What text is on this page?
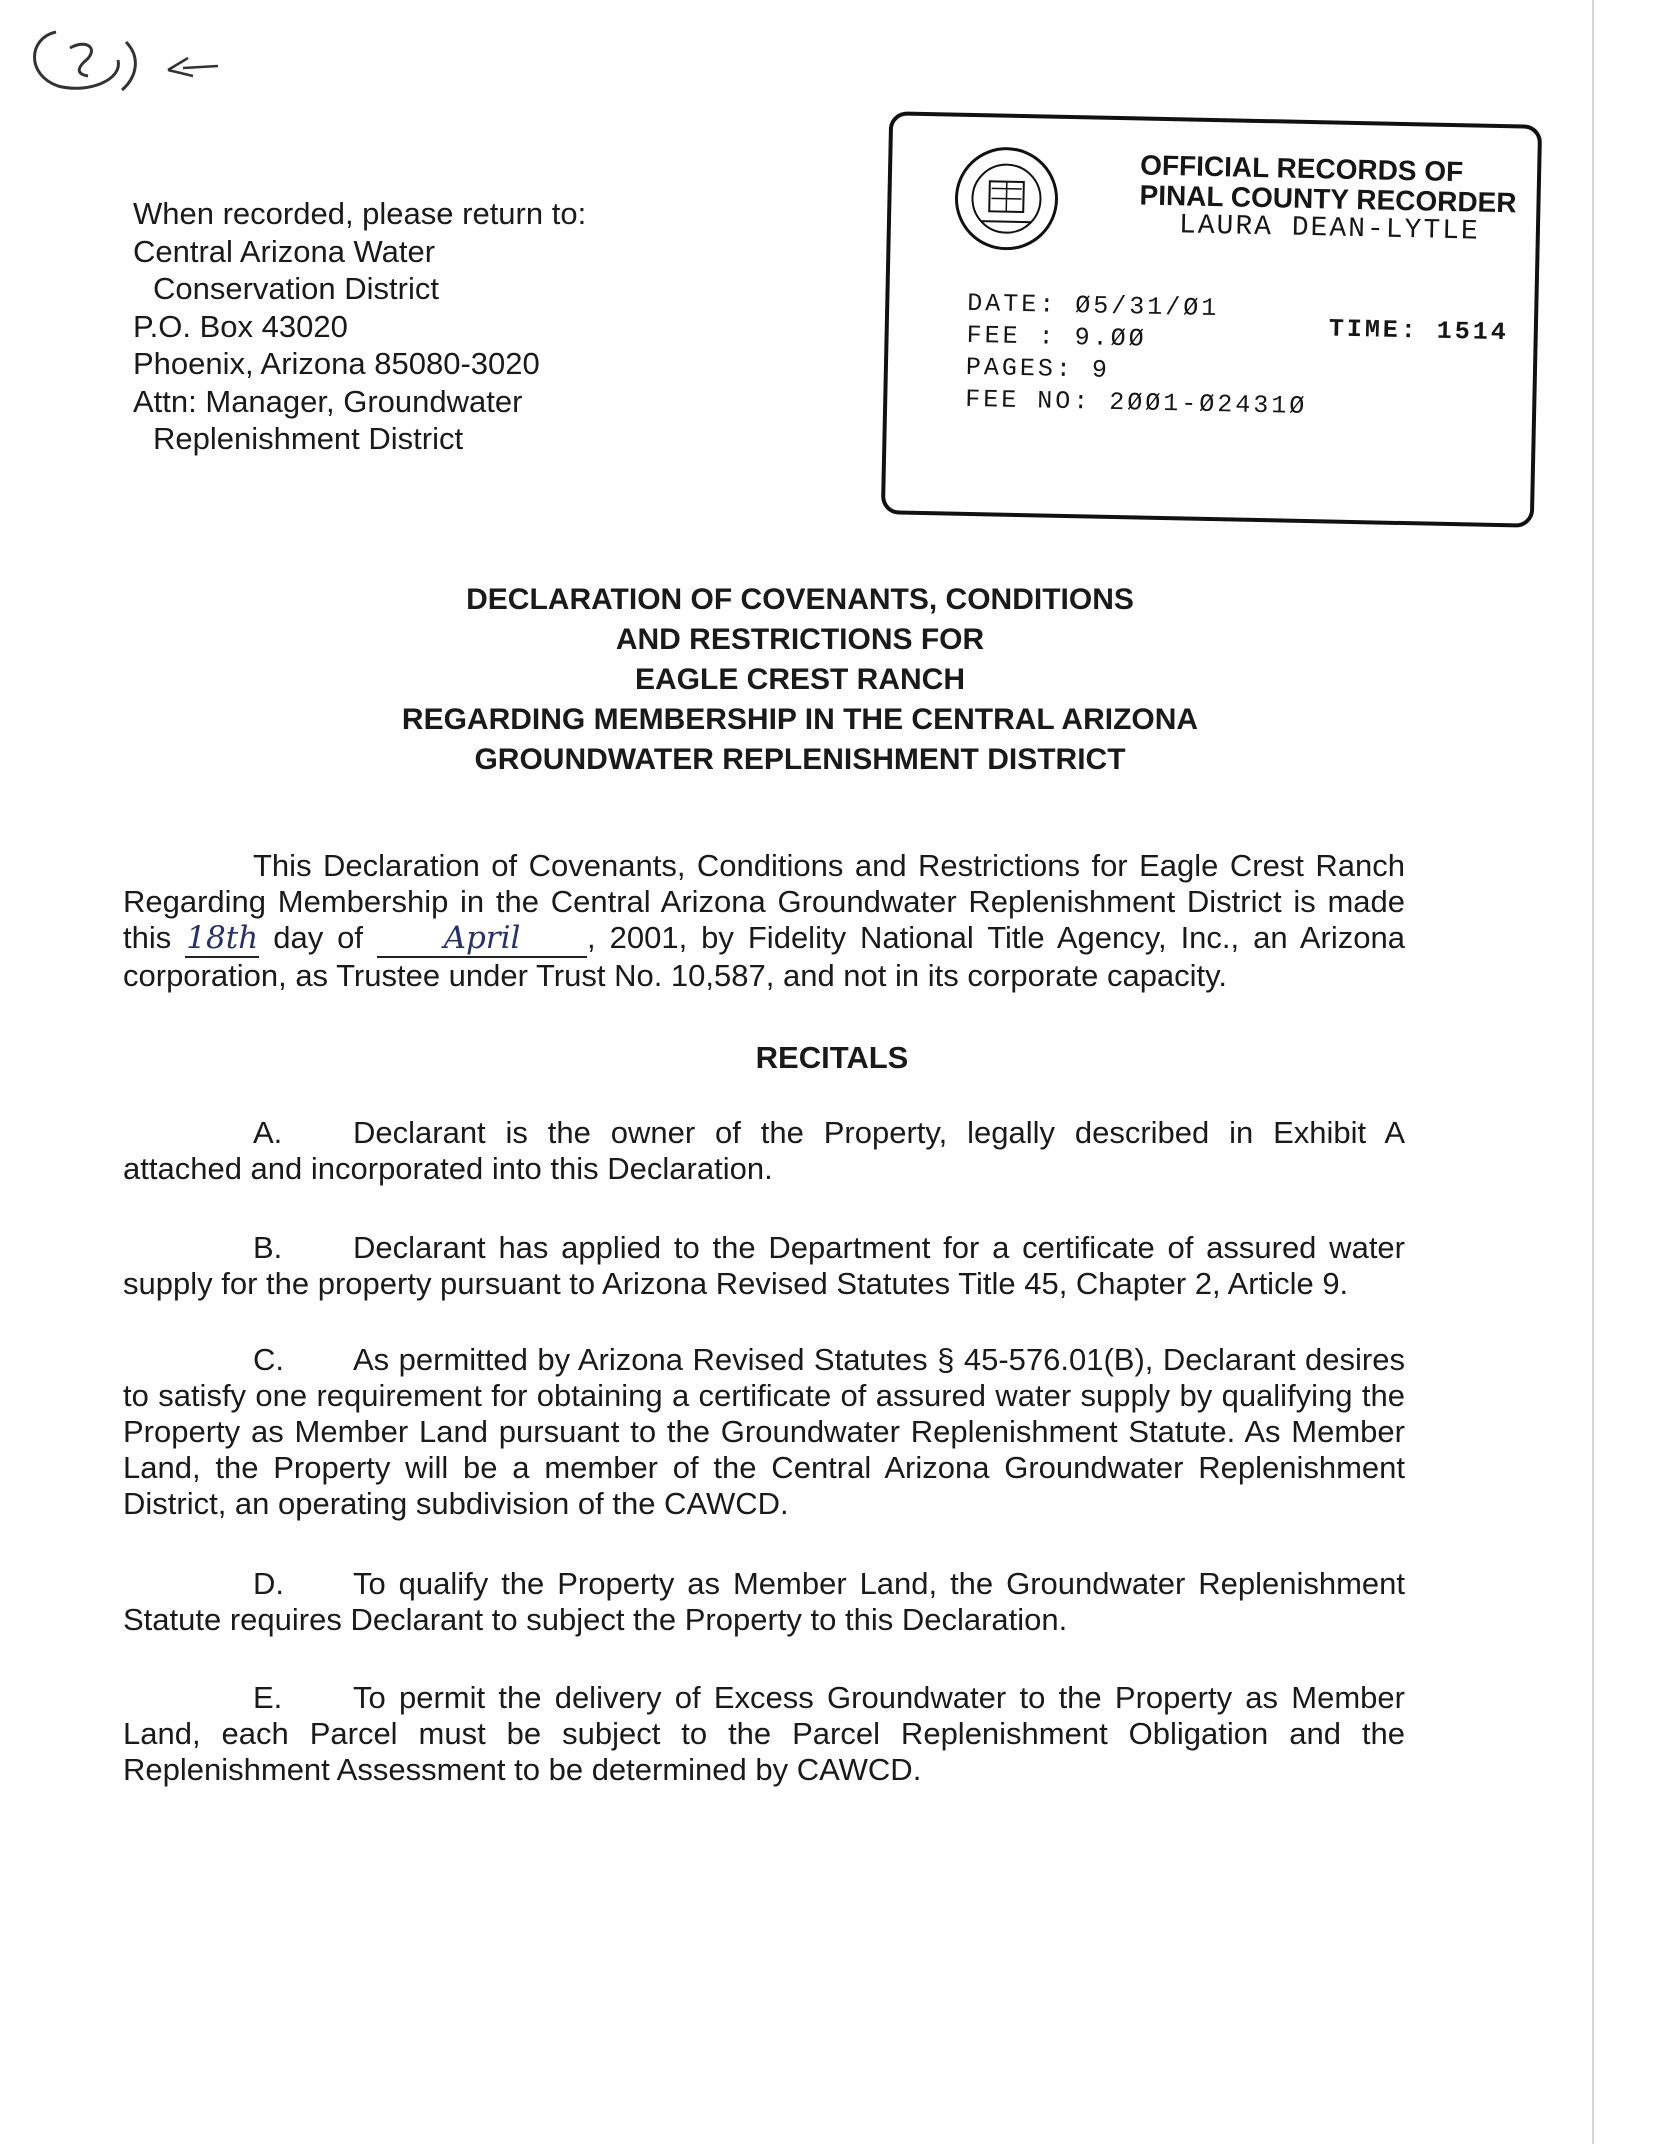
When recorded, please return to:
Central Arizona Water
Conservation District
P.O. Box 43020
Phoenix, Arizona 85080-3020
Attn: Manager, Groundwater
Replenishment District
OFFICIAL RECORDS OF
PINAL COUNTY RECORDER
LAURA DEAN-LYTLE
DATE: Ø5/31/Ø1
FEE : 9.ØØ
PAGES: 9
FEE NO: 2ØØ1-Ø2431Ø
TIME: 1514
DECLARATION OF COVENANTS, CONDITIONS
AND RESTRICTIONS FOR
EAGLE CREST RANCH
REGARDING MEMBERSHIP IN THE CENTRAL ARIZONA
GROUNDWATER REPLENISHMENT DISTRICT
This Declaration of Covenants, Conditions and Restrictions for Eagle Crest Ranch Regarding Membership in the Central Arizona Groundwater Replenishment District is made this 18th day of	April , 2001, by Fidelity National Title Agency, Inc., an Arizona corporation, as Trustee under Trust No. 10,587, and not in its corporate capacity.
RECITALS
A. Declarant is the owner of the Property, legally described in Exhibit A attached and incorporated into this Declaration.
B. Declarant has applied to the Department for a certificate of assured water supply for the property pursuant to Arizona Revised Statutes Title 45, Chapter 2, Article 9.
C. As permitted by Arizona Revised Statutes § 45-576.01(B), Declarant desires to satisfy one requirement for obtaining a certificate of assured water supply by qualifying the Property as Member Land pursuant to the Groundwater Replenishment Statute. As Member Land, the Property will be a member of the Central Arizona Groundwater Replenishment District, an operating subdivision of the CAWCD.
D. To qualify the Property as Member Land, the Groundwater Replenishment Statute requires Declarant to subject the Property to this Declaration.
E. To permit the delivery of Excess Groundwater to the Property as Member Land, each Parcel must be subject to the Parcel Replenishment Obligation and the Replenishment Assessment to be determined by CAWCD.
